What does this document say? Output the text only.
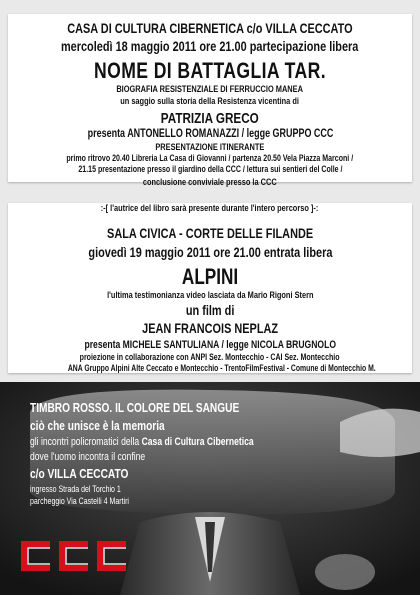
CASA DI CULTURA CIBERNETICA c/o VILLA CECCATO
mercoledì 18 maggio 2011 ore 21.00 partecipazione libera
NOME DI BATTAGLIA TAR.
BIOGRAFIA RESISTENZIALE DI FERRUCCIO MANEA
un saggio sulla storia della Resistenza vicentina di
PATRIZIA GRECO
presenta ANTONELLO ROMANAZZI / legge GRUPPO CCC
PRESENTAZIONE ITINERANTE
primo ritrovo 20.40 Libreria La Casa di Giovanni / partenza 20.50 Vela Piazza Marconi /
21.15 presentazione presso il giardino della CCC / lettura sui sentieri del Colle /
conclusione conviviale presso la CCC
:-[ l'autrice del libro sarà presente durante l'intero percorso ]-:
SALA CIVICA - CORTE DELLE FILANDE
giovedì 19 maggio 2011 ore 21.00 entrata libera
ALPINI
l'ultima testimonianza video lasciata da Mario Rigoni Stern
un film di
JEAN FRANCOIS NEPLAZ
presenta MICHELE SANTULIANA / legge NICOLA BRUGNOLO
proiezione in collaborazione con ANPI Sez. Montecchio - CAI Sez. Montecchio
ANA Gruppo Alpini Alte Ceccato e Montecchio - TrentoFilmFestival - Comune di Montecchio M.
TIMBRO ROSSO. IL COLORE DEL SANGUE
ciò che unisce è la memoria
gli incontri policromatici della Casa di Cultura Cibernetica
dove l'uomo incontra il confine
c/o VILLA CECCATO
ingresso Strada del Torchio 1
parcheggio Via Castelli 4 Martiri
